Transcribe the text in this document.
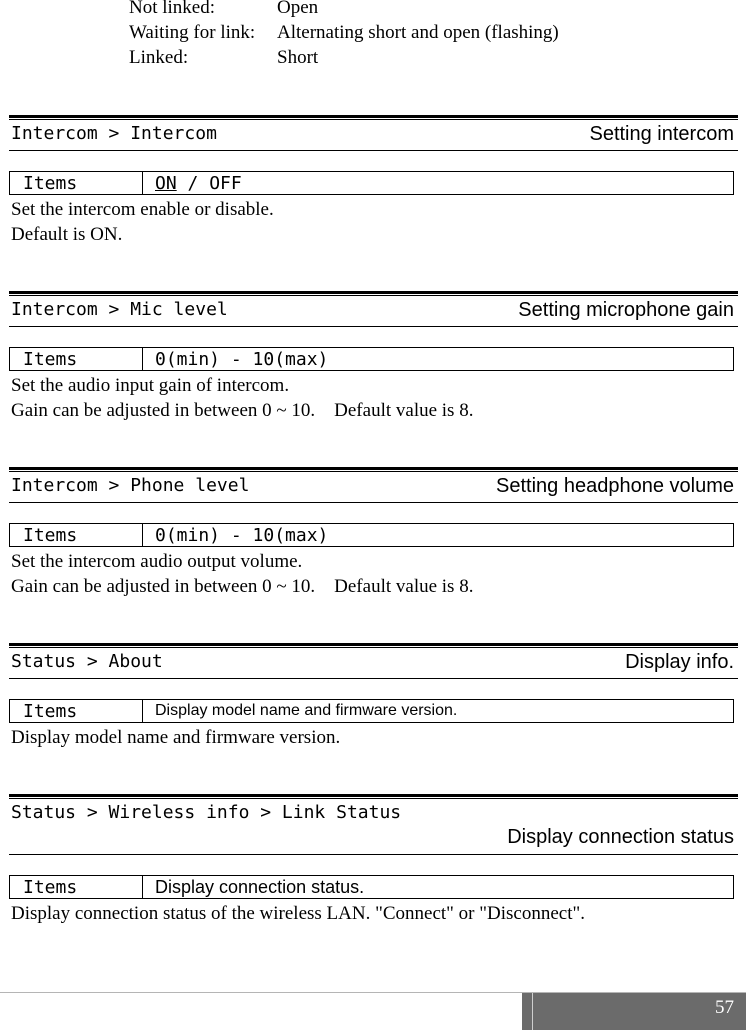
Not linked:	Open
Waiting for link: Alternating short and open (flashing)
Linked:	Short
Intercom > Intercom	Setting intercom
Items	ON / OFF
Set the intercom enable or disable.
Default is ON.
Intercom > Mic level	Setting microphone gain
Items	0(min) - 10(max)
Set the audio input gain of intercom.
Gain can be adjusted in between 0 ~ 10.    Default value is 8.
Intercom > Phone level	Setting headphone volume
Items	0(min) - 10(max)
Set the intercom audio output volume.
Gain can be adjusted in between 0 ~ 10.    Default value is 8.
Status > About	Display info.
Items	Display model name and firmware version.
Display model name and firmware version.
Status > Wireless info > Link Status
Display connection status
Items	Display connection status.
Display connection status of the wireless LAN. "Connect" or "Disconnect".
57
